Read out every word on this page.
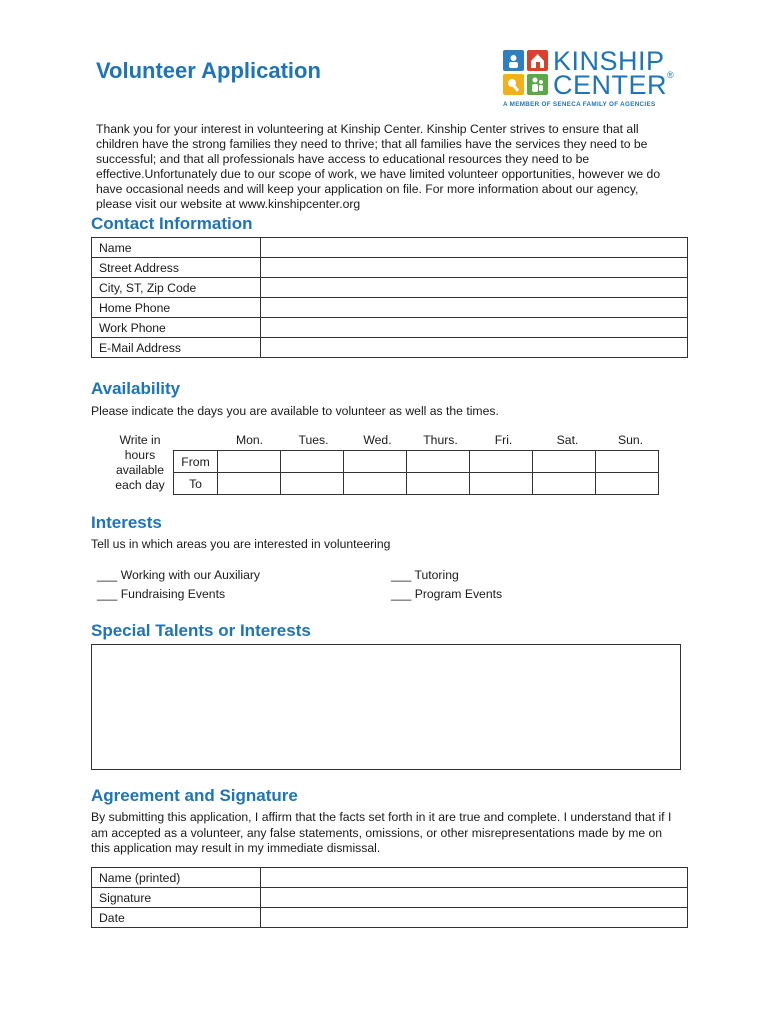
Volunteer Application	KINSHIP
CENTER®
A MEMBER OF SENECA FAMILY OF AGENCIES
Thank you for your interest in volunteering at Kinship Center. Kinship Center strives to ensure that all children have the strong families they need to thrive; that all families have the services they need to be successful; and that all professionals have access to educational resources they need to be effective.Unfortunately due to our scope of work, we have limited volunteer opportunities, however we do have occasional needs and will keep your application on file. For more information about our agency, please visit our website at www.kinshipcenter.org
Contact Information
Name	
Street Address	
City, ST, Zip Code	
Home Phone	
Work Phone	
E-Mail Address	
Availability
Please indicate the days you are available to volunteer as well as the times.
Write in
hours
available
each day
Mon.	Tues.	Wed.	Thurs.	Fri.	Sat.	Sun.
From							
To							
Interests
Tell us in which areas you are interested in volunteering
___ Working with our Auxiliary
___ Fundraising Events
___ Tutoring
___ Program Events
Special Talents or Interests
Agreement and Signature
By submitting this application, I affirm that the facts set forth in it are true and complete. I understand that if I am accepted as a volunteer, any false statements, omissions, or other misrepresentations made by me on this application may result in my immediate dismissal.
Name (printed)	
Signature	
Date	
